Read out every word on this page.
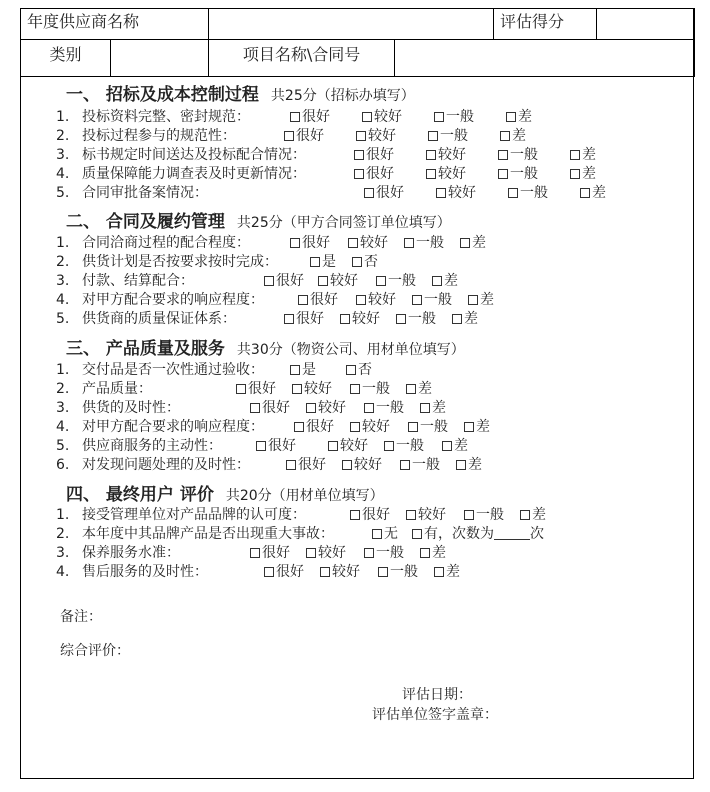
年度供应商名称				评估得分	
类别		项目名称\合同号			
一、 招标及成本控制过程 共25分（招标办填写）
1. 投标资料完整、密封规范：	很好	较好	一般	差
2. 投标过程参与的规范性：	很好	较好	一般	差
3. 标书规定时间送达及投标配合情况：	很好	较好	一般	差
4. 质量保障能力调查表及时更新情况：	很好	较好	一般	差
5. 合同审批备案情况：	很好	较好	一般	差
二、 合同及履约管理 共25分（甲方合同签订单位填写）
1. 合同洽商过程的配合程度：	很好	较好	一般	差
2. 供货计划是否按要求按时完成：	是	否
3. 付款、结算配合：	很好	较好	一般	差
4. 对甲方配合要求的响应程度：	很好	较好	一般	差
5. 供货商的质量保证体系：	很好	较好	一般	差
三、 产品质量及服务 共30分（物资公司、用材单位填写）
1. 交付品是否一次性通过验收：	是	否
2. 产品质量：	很好	较好	一般	差
3. 供货的及时性：	很好	较好	一般	差
4. 对甲方配合要求的响应程度：	很好	较好	一般	差
5. 供应商服务的主动性：	很好	较好	一般	差
6. 对发现问题处理的及时性：	很好	较好	一般	差
四、 最终用户 评价 共20分（用材单位填写）
1. 接受管理单位对产品品牌的认可度：	很好	较好	一般	差
2. 本年度中其品牌产品是否出现重大事故：	无	有，次数为	次
3. 保养服务水准：	很好	较好	一般	差
4. 售后服务的及时性：	很好	较好	一般	差
备注：
综合评价：
评估日期：
评估单位签字盖章：
